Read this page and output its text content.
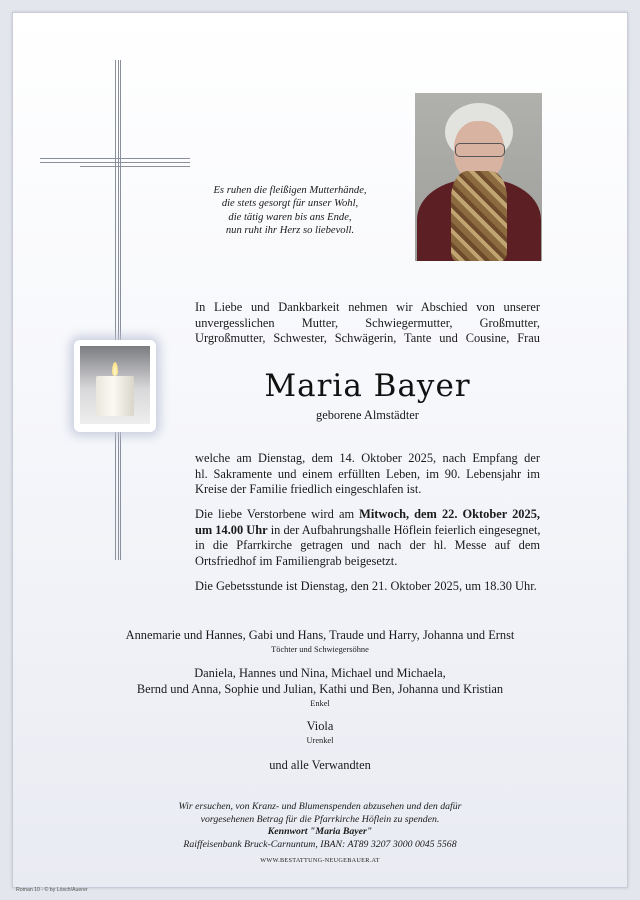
Es ruhen die fleißigen Mutterhände,
die stets gesorgt für unser Wohl,
die tätig waren bis ans Ende,
nun ruht ihr Herz so liebevoll.
In Liebe und Dankbarkeit nehmen wir Abschied von unserer
unvergesslichen Mutter, Schwiegermutter, Großmutter,
Urgroßmutter, Schwester, Schwägerin, Tante und Cousine, Frau
Maria Bayer
geborene Almstädter
welche am Dienstag, dem 14. Oktober 2025, nach Empfang der
hl. Sakramente und einem erfüllten Leben, im 90. Lebensjahr im
Kreise der Familie friedlich eingeschlafen ist.
Die liebe Verstorbene wird am Mitwoch, dem 22. Oktober 2025,
um 14.00 Uhr in der Aufbahrungshalle Höflein feierlich eingesegnet,
in die Pfarrkirche getragen und nach der hl. Messe auf dem
Ortsfriedhof im Familiengrab beigesetzt.
Die Gebetsstunde ist Dienstag, den 21. Oktober 2025, um 18.30 Uhr.
Annemarie und Hannes, Gabi und Hans, Traude und Harry, Johanna und Ernst
Töchter und Schwiegersöhne
Daniela, Hannes und Nina, Michael und Michaela,
Bernd und Anna, Sophie und Julian, Kathi und Ben, Johanna und Kristian
Enkel
Viola
Urenkel
und alle Verwandten
Wir ersuchen, von Kranz- und Blumenspenden abzusehen und den dafür
vorgesehenen Betrag für die Pfarrkirche Höflein zu spenden.
Kennwort "Maria Bayer"
Raiffeisenbank Bruck-Carnuntum, IBAN: AT89 3207 3000 0045 5568
WWW.BESTATTUNG-NEUGEBAUER.AT
Roman 10 - © by Lösch/Auerer
